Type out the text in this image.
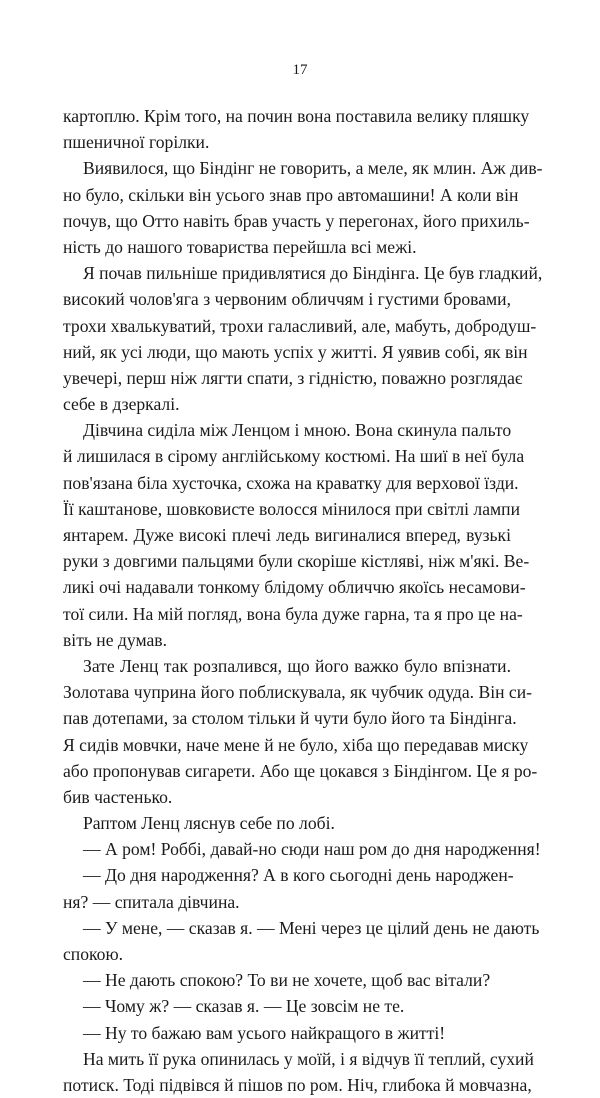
17
картоплю. Крім того, на почин вона поставила велику пляшку
пшеничної горілки.
Виявилося, що Біндінг не говорить, а меле, як млин. Аж див-
но було, скільки він усього знав про автомашини! А коли він
почув, що Отто навіть брав участь у перегонах, його прихиль-
ність до нашого товариства перейшла всі межі.
Я почав пильніше придивлятися до Біндінга. Це був гладкий,
високий чолов'яга з червоним обличчям і густими бровами,
трохи хвалькуватий, трохи галасливий, але, мабуть, добродуш-
ний, як усі люди, що мають успіх у житті. Я уявив собі, як він
увечері, перш ніж лягти спати, з гідністю, поважно розглядає
себе в дзеркалі.
Дівчина сиділа між Ленцом і мною. Вона скинула пальто
й лишилася в сірому англійському костюмі. На шиї в неї була
пов'язана біла хусточка, схожа на краватку для верхової їзди.
Її каштанове, шовковисте волосся мінилося при світлі лампи
янтарем. Дуже високі плечі ледь вигиналися вперед, вузькі
руки з довгими пальцями були скоріше кістляві, ніж м'які. Ве-
ликі очі надавали тонкому блідому обличчю якоїсь несамови-
тої сили. На мій погляд, вона була дуже гарна, та я про це на-
віть не думав.
Зате Ленц так розпалився, що його важко було впізнати.
Золотава чуприна його поблискувала, як чубчик одуда. Він си-
пав дотепами, за столом тільки й чути було його та Біндінга.
Я сидів мовчки, наче мене й не було, хіба що передавав миску
або пропонував сигарети. Або ще цокався з Біндінгом. Це я ро-
бив частенько.
Раптом Ленц ляснув себе по лобі.
— А ром! Роббі, давай-но сюди наш ром до дня народження!
— До дня народження? А в кого сьогодні день народжен-
ня? — спитала дівчина.
— У мене, — сказав я. — Мені через це цілий день не дають
спокою.
— Не дають спокою? То ви не хочете, щоб вас вітали?
— Чому ж? — сказав я. — Це зовсім не те.
— Ну то бажаю вам усього найкращого в житті!
На мить її рука опинилась у моїй, і я відчув її теплий, сухий
потиск. Тоді підвівся й пішов по ром. Ніч, глибока й мовчазна,
